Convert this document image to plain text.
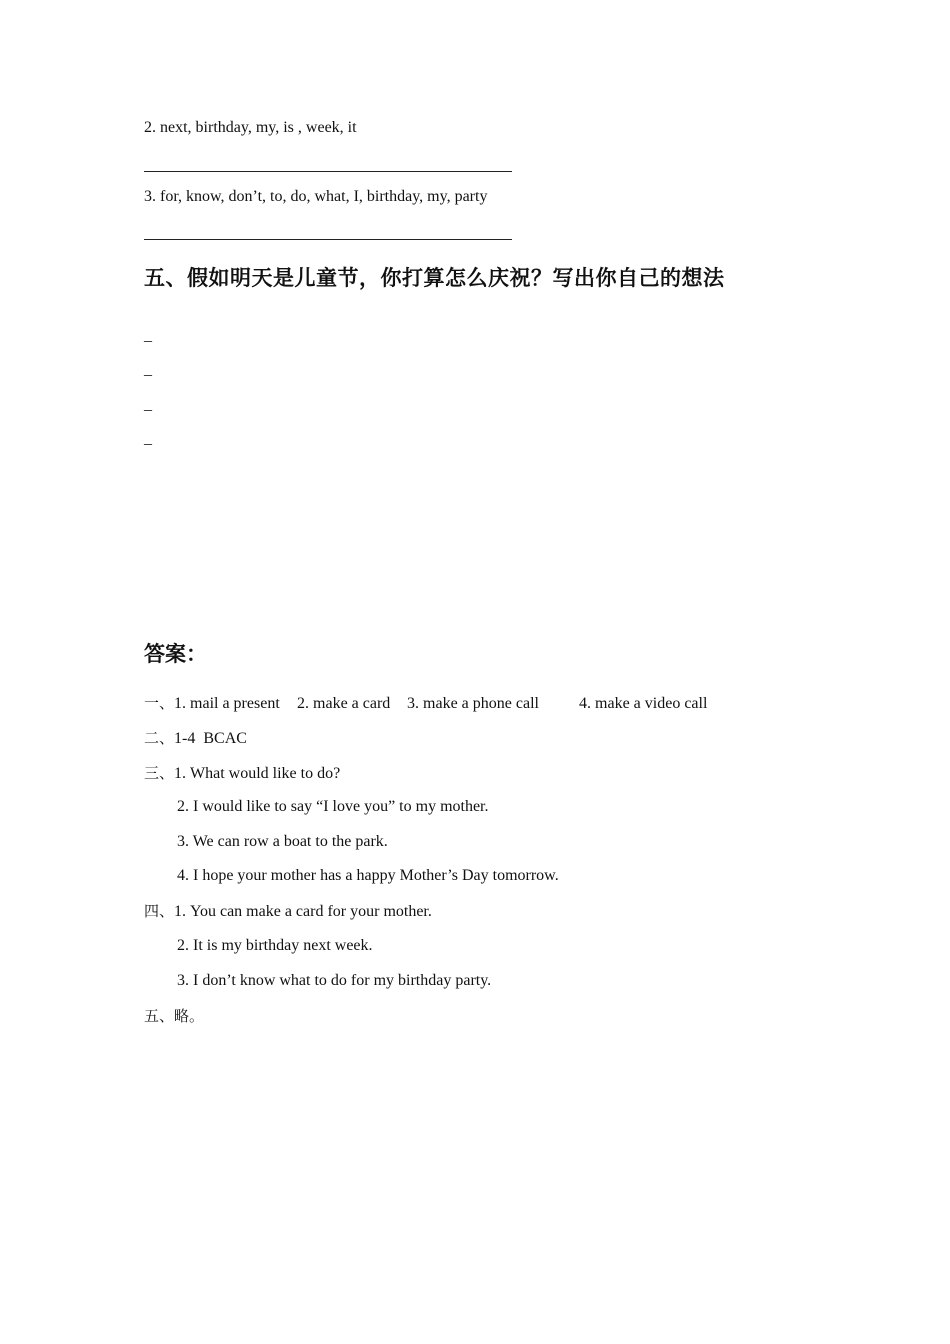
2. next, birthday, my, is , week, it
3. for, know, don’t, to, do, what, I, birthday, my, party
五、假如明天是儿童节，你打算怎么庆祝？写出你自己的想法
_
_
_
_
答案：
一、1. mail a present 2. make a card 3. make a phone call	4. make a video call
二、1-4  BCAC
三、1. What would like to do?
2. I would like to say “I love you” to my mother.
3. We can row a boat to the park.
4. I hope your mother has a happy Mother’s Day tomorrow.
四、1. You can make a card for your mother.
2. It is my birthday next week.
3. I don’t know what to do for my birthday party.
五、略。
